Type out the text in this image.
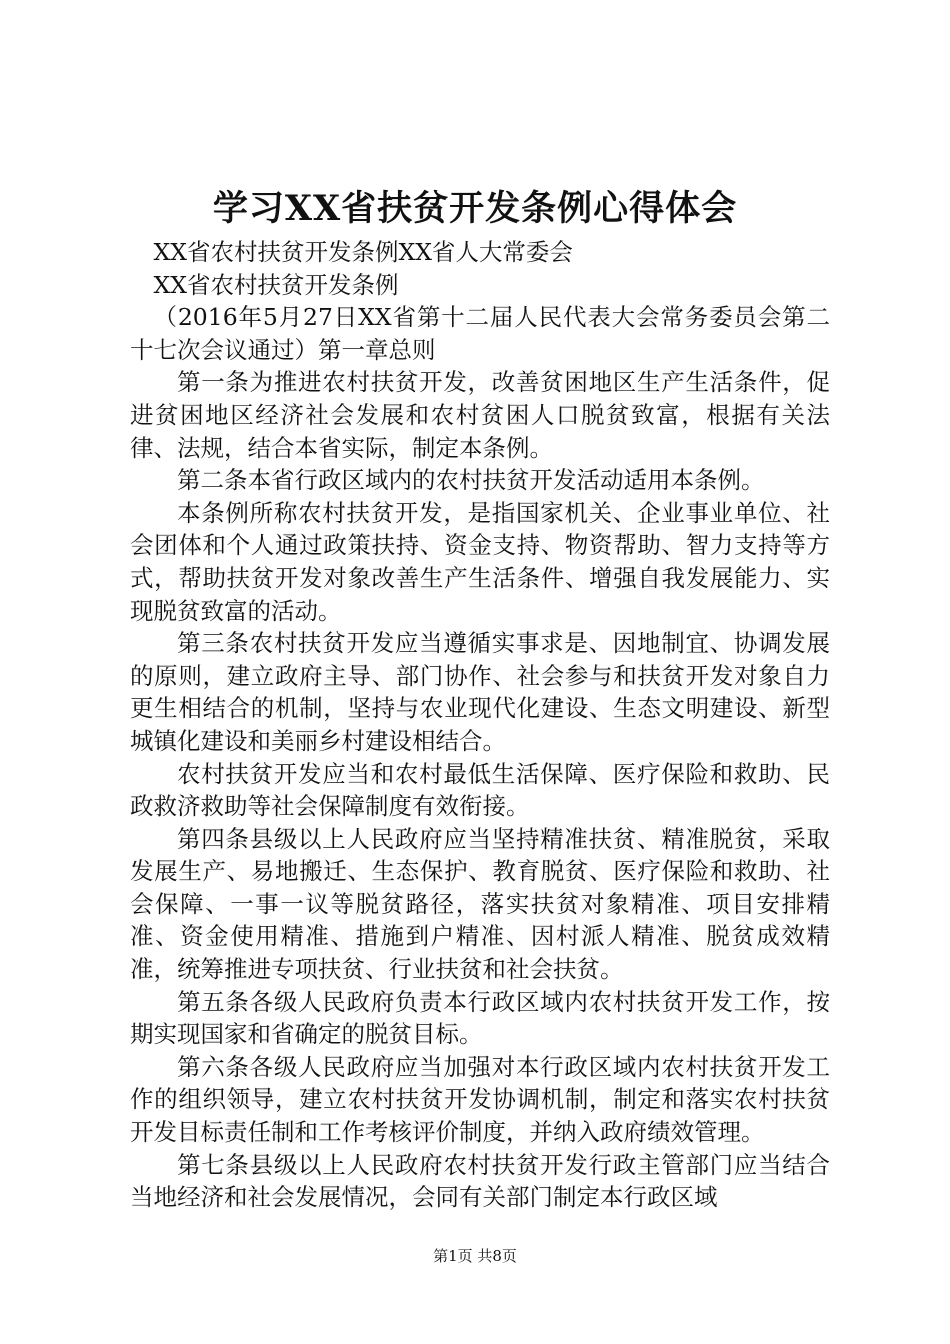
学习XX省扶贫开发条例心得体会

XX省农村扶贫开发条例XX省人大常委会

XX省农村扶贫开发条例

（2016年5月27日XX省第十二届人民代表大会常务委员会第二十七次会议通过）第一章总则

第一条为推进农村扶贫开发，改善贫困地区生产生活条件，促进贫困地区经济社会发展和农村贫困人口脱贫致富，根据有关法律、法规，结合本省实际，制定本条例。

第二条本省行政区域内的农村扶贫开发活动适用本条例。

本条例所称农村扶贫开发，是指国家机关、企业事业单位、社会团体和个人通过政策扶持、资金支持、物资帮助、智力支持等方式，帮助扶贫开发对象改善生产生活条件、增强自我发展能力、实现脱贫致富的活动。

第三条农村扶贫开发应当遵循实事求是、因地制宜、协调发展的原则，建立政府主导、部门协作、社会参与和扶贫开发对象自力更生相结合的机制，坚持与农业现代化建设、生态文明建设、新型城镇化建设和美丽乡村建设相结合。

农村扶贫开发应当和农村最低生活保障、医疗保险和救助、民政救济救助等社会保障制度有效衔接。

第四条县级以上人民政府应当坚持精准扶贫、精准脱贫，采取发展生产、易地搬迁、生态保护、教育脱贫、医疗保险和救助、社会保障、一事一议等脱贫路径，落实扶贫对象精准、项目安排精准、资金使用精准、措施到户精准、因村派人精准、脱贫成效精准，统筹推进专项扶贫、行业扶贫和社会扶贫。

第五条各级人民政府负责本行政区域内农村扶贫开发工作，按期实现国家和省确定的脱贫目标。

第六条各级人民政府应当加强对本行政区域内农村扶贫开发工作的组织领导，建立农村扶贫开发协调机制，制定和落实农村扶贫开发目标责任制和工作考核评价制度，并纳入政府绩效管理。

第七条县级以上人民政府农村扶贫开发行政主管部门应当结合当地经济和社会发展情况，会同有关部门制定本行政区域

第1页 共8页
